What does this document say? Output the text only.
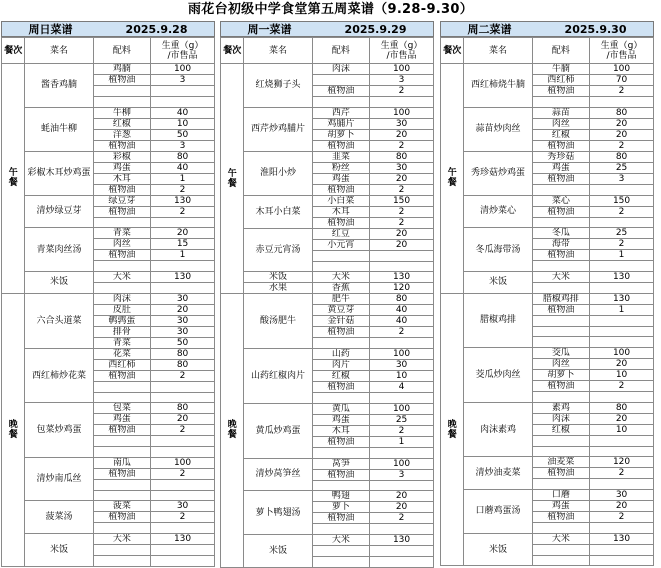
雨花台初级中学食堂第五周菜谱（9.28-9.30）
周日菜谱	2025.9.28
餐次	菜名	配料	生重（g）
/市售品

午
餐	酱香鸡腩	鸡腩	100
		植物油	3

	蚝油牛柳	牛柳	40
		红椒	10
		洋葱	50
		植物油	3
	彩椒木耳炒鸡蛋	彩椒	80
		鸡蛋	40
		木耳	1
		植物油	2
	清炒绿豆芽	绿豆芽	130
		植物油	2

	青菜肉丝汤	青菜	20
		肉丝	15
		植物油	1

	米饭	大米	130

晚
餐	六合头道菜	肉沫	30
		皮肚	20
		鹌鹑蛋	30
		排骨	30
		青菜	50
	西红柿炒花菜	花菜	80
		西红柿	80
		植物油	2

	包菜炒鸡蛋	包菜	80
		鸡蛋	20
		植物油	2

	清炒南瓜丝	南瓜	100
		植物油	2

	菠菜汤	菠菜	30
		植物油	2

	米饭	大米	130

周一菜谱	2025.9.29
餐次	菜名	配料	生重（g）
/市售品

午
餐	红烧狮子头	肉沫	100
			3
		植物油	2

	西芹炒鸡脯片	西芹	100
		鸡脯片	30
		胡萝卜	20
		植物油	2
	淮阳小炒	韭菜	80
		粉丝	30
		鸡蛋	20
		植物油	2
	木耳小白菜	小白菜	150
		木耳	2
		植物油	2
	赤豆元宵汤	红豆	20
		小元宵	20

	米饭	大米	130
	水果	香蕉	120

晚
餐	酸汤肥牛	肥牛	80
		黄豆芽	40
		金针菇	40
		植物油	2

	山药红椒肉片	山药	100
		肉片	30
		红椒	10
		植物油	4

	黄瓜炒鸡蛋	黄瓜	100
		鸡蛋	25
		木耳	2
		植物油	1

	清炒莴笋丝	莴笋	100
		植物油	3

	萝卜鸭翅汤	鸭翅	20
		萝卜	20
		植物油	2

	米饭	大米	130

周二菜谱	2025.9.30
餐次	菜名	配料	生重（g）
/市售品

午
餐	西红柿烧牛腩	牛腩	100
		西红柿	70
		植物油	2

	蒜苗炒肉丝	蒜苗	80
		肉丝	20
		红椒	20
		植物油	2
	秀珍菇炒鸡蛋	秀珍菇	80
		鸡蛋	25
		植物油	3

	清炒菜心	菜心	150
		植物油	2

	冬瓜海带汤	冬瓜	25
		海带	2
		植物油	1

	米饭	大米	130

晚
餐	腊椒鸡排	腊椒鸡排	130
		植物油	1

	茭瓜炒肉丝	茭瓜	100
		肉丝	20
		胡萝卜	10
		植物油	2

	肉沫素鸡	素鸡	80
		肉沫	20
		红椒	10

	清炒油麦菜	油麦菜	120
		植物油	2

	口蘑鸡蛋汤	口蘑	30
		鸡蛋	20
		植物油	2

	米饭	大米	130
